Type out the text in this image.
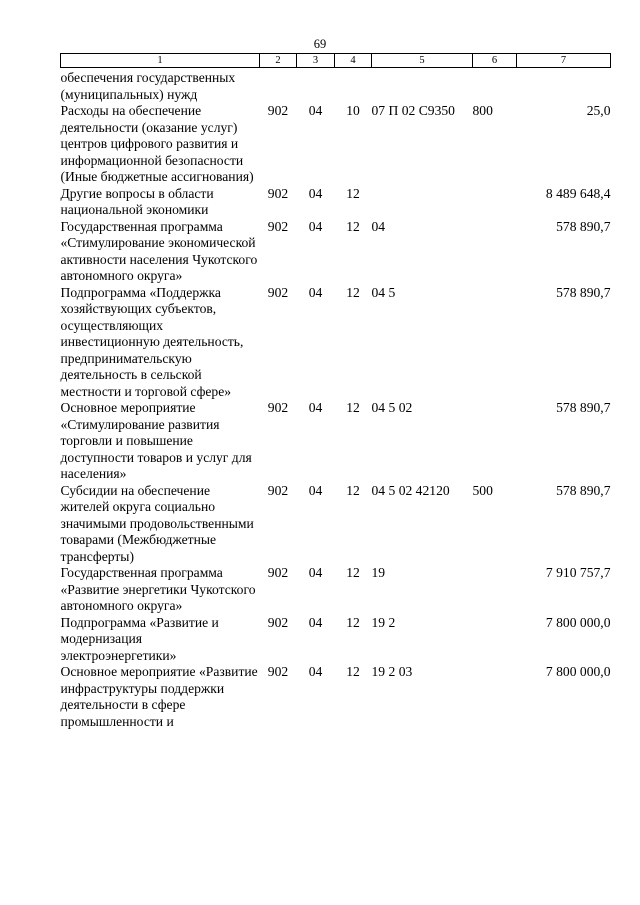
69
1	2	3	4	5	6	7
обеспечения государственных (муниципальных) нужд						
Расходы на обеспечение деятельности (оказание услуг) центров цифрового развития и информационной безопасности (Иные бюджетные ассигнования)	902	04	10	07 П 02 С9350	800	25,0
Другие вопросы в области национальной экономики	902	04	12			8 489 648,4
Государственная программа «Стимулирование экономической активности населения Чукотского автономного округа»	902	04	12	04		578 890,7
Подпрограмма «Поддержка хозяйствующих субъектов, осуществляющих инвестиционную деятельность, предпринимательскую деятельность в сельской местности и торговой сфере»	902	04	12	04 5		578 890,7
Основное мероприятие «Стимулирование развития торговли и повышение доступности товаров и услуг для населения»	902	04	12	04 5 02		578 890,7
Субсидии на обеспечение жителей округа социально значимыми продовольственными товарами (Межбюджетные трансферты)	902	04	12	04 5 02 42120	500	578 890,7
Государственная программа «Развитие энергетики Чукотского автономного округа»	902	04	12	19		7 910 757,7
Подпрограмма «Развитие и модернизация электроэнергетики»	902	04	12	19 2		7 800 000,0
Основное мероприятие «Развитие инфраструктуры поддержки деятельности в сфере промышленности и	902	04	12	19 2 03		7 800 000,0
